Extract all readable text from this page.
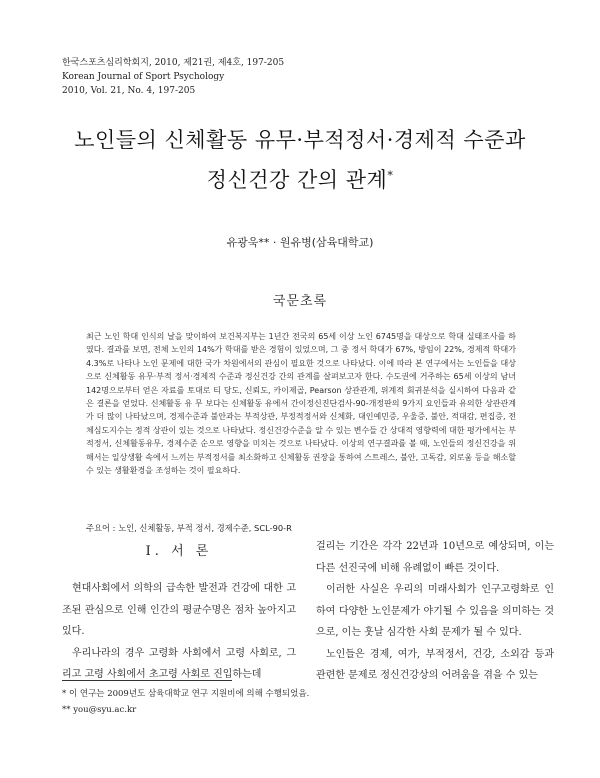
한국스포츠심리학회지, 2010, 제21권, 제4호, 197-205
Korean Journal of Sport Psychology
2010, Vol. 21, No. 4, 197-205
노인들의 신체활동 유무·부적정서·경제적 수준과
정신건강 간의 관계*
유광욱** · 원유병(삼육대학교)
국문초록
최근 노인 학대 인식의 날을 맞이하여 보건복지부는 1년간 전국의 65세 이상 노인 6745명을 대상으로 학대 실태조사를 하였다. 결과를 보면, 전체 노인의 14%가 학대를 받은 경험이 있었으며, 그 중 정서 학대가 67%, 방임이 22%, 경제적 학대가 4.3%로 나타나 노인 문제에 대한 국가 차원에서의 관심이 필요한 것으로 나타났다. 이에 따라 본 연구에서는 노인들을 대상으로 신체활동 유무·부적 정서·경제적 수준과 정신건강 간의 관계를 살펴보고자 한다. 수도권에 거주하는 65세 이상의 남녀 142명으로부터 얻은 자료를 토대로 티 당도, 신뢰도, 카이제곱, Pearson 상관관계, 위계적 회귀분석을 실시하여 다음과 같은 결론을 얻었다. 신체활동 유 무 보다는 신체활동 유에서 간이정신진단검사-90-개정판의 9가지 요인들과 유의한 상관관계가 더 많이 나타났으며, 경제수준과 불안과는 부적상관, 부정적정서와 신체화, 대인예민증, 우울증, 불안, 적대감, 편집증, 전체심도지수는 정적 상관이 있는 것으로 나타났다. 정신건강수준을 알 수 있는 변수들 간 상대적 영향력에 대한 평가에서는 부적정서, 신체활동유무, 경제수준 순으로 영향을 미치는 것으로 나타났다. 이상의 연구결과를 볼 때, 노인들의 정신건강을 위해서는 일상생활 속에서 느끼는 부적정서를 최소화하고 신체활동 권장을 통하여 스트레스, 불안, 고독감, 외로움 등을 해소할 수 있는 생활환경을 조성하는 것이 필요하다.
주요어 : 노인, 신체활동, 부적 정서, 경제수준, SCL-90-R
Ⅰ. 서 론

현대사회에서 의학의 급속한 발전과 건강에 대한 고조된 관심으로 인해 인간의 평균수명은 점차 높아지고 있다.

우리나라의 경우 고령화 사회에서 고령 사회로, 그리고 고령 사회에서 초고령 사회로 진입하는데

걸리는 기간은 각각 22년과 10년으로 예상되며, 이는 다른 선진국에 비해 유례없이 빠른 것이다.

이러한 사실은 우리의 미래사회가 인구고령화로 인하여 다양한 노인문제가 야기될 수 있음을 의미하는 것으로, 이는 훗날 심각한 사회 문제가 될 수 있다.

노인들은 경제, 여가, 부적정서, 건강, 소외감 등과 관련한 문제로 정신건강상의 어려움을 겪을 수 있는

* 이 연구는 2009년도 삼육대학교 연구 지원비에 의해 수행되었음.
** you@syu.ac.kr
